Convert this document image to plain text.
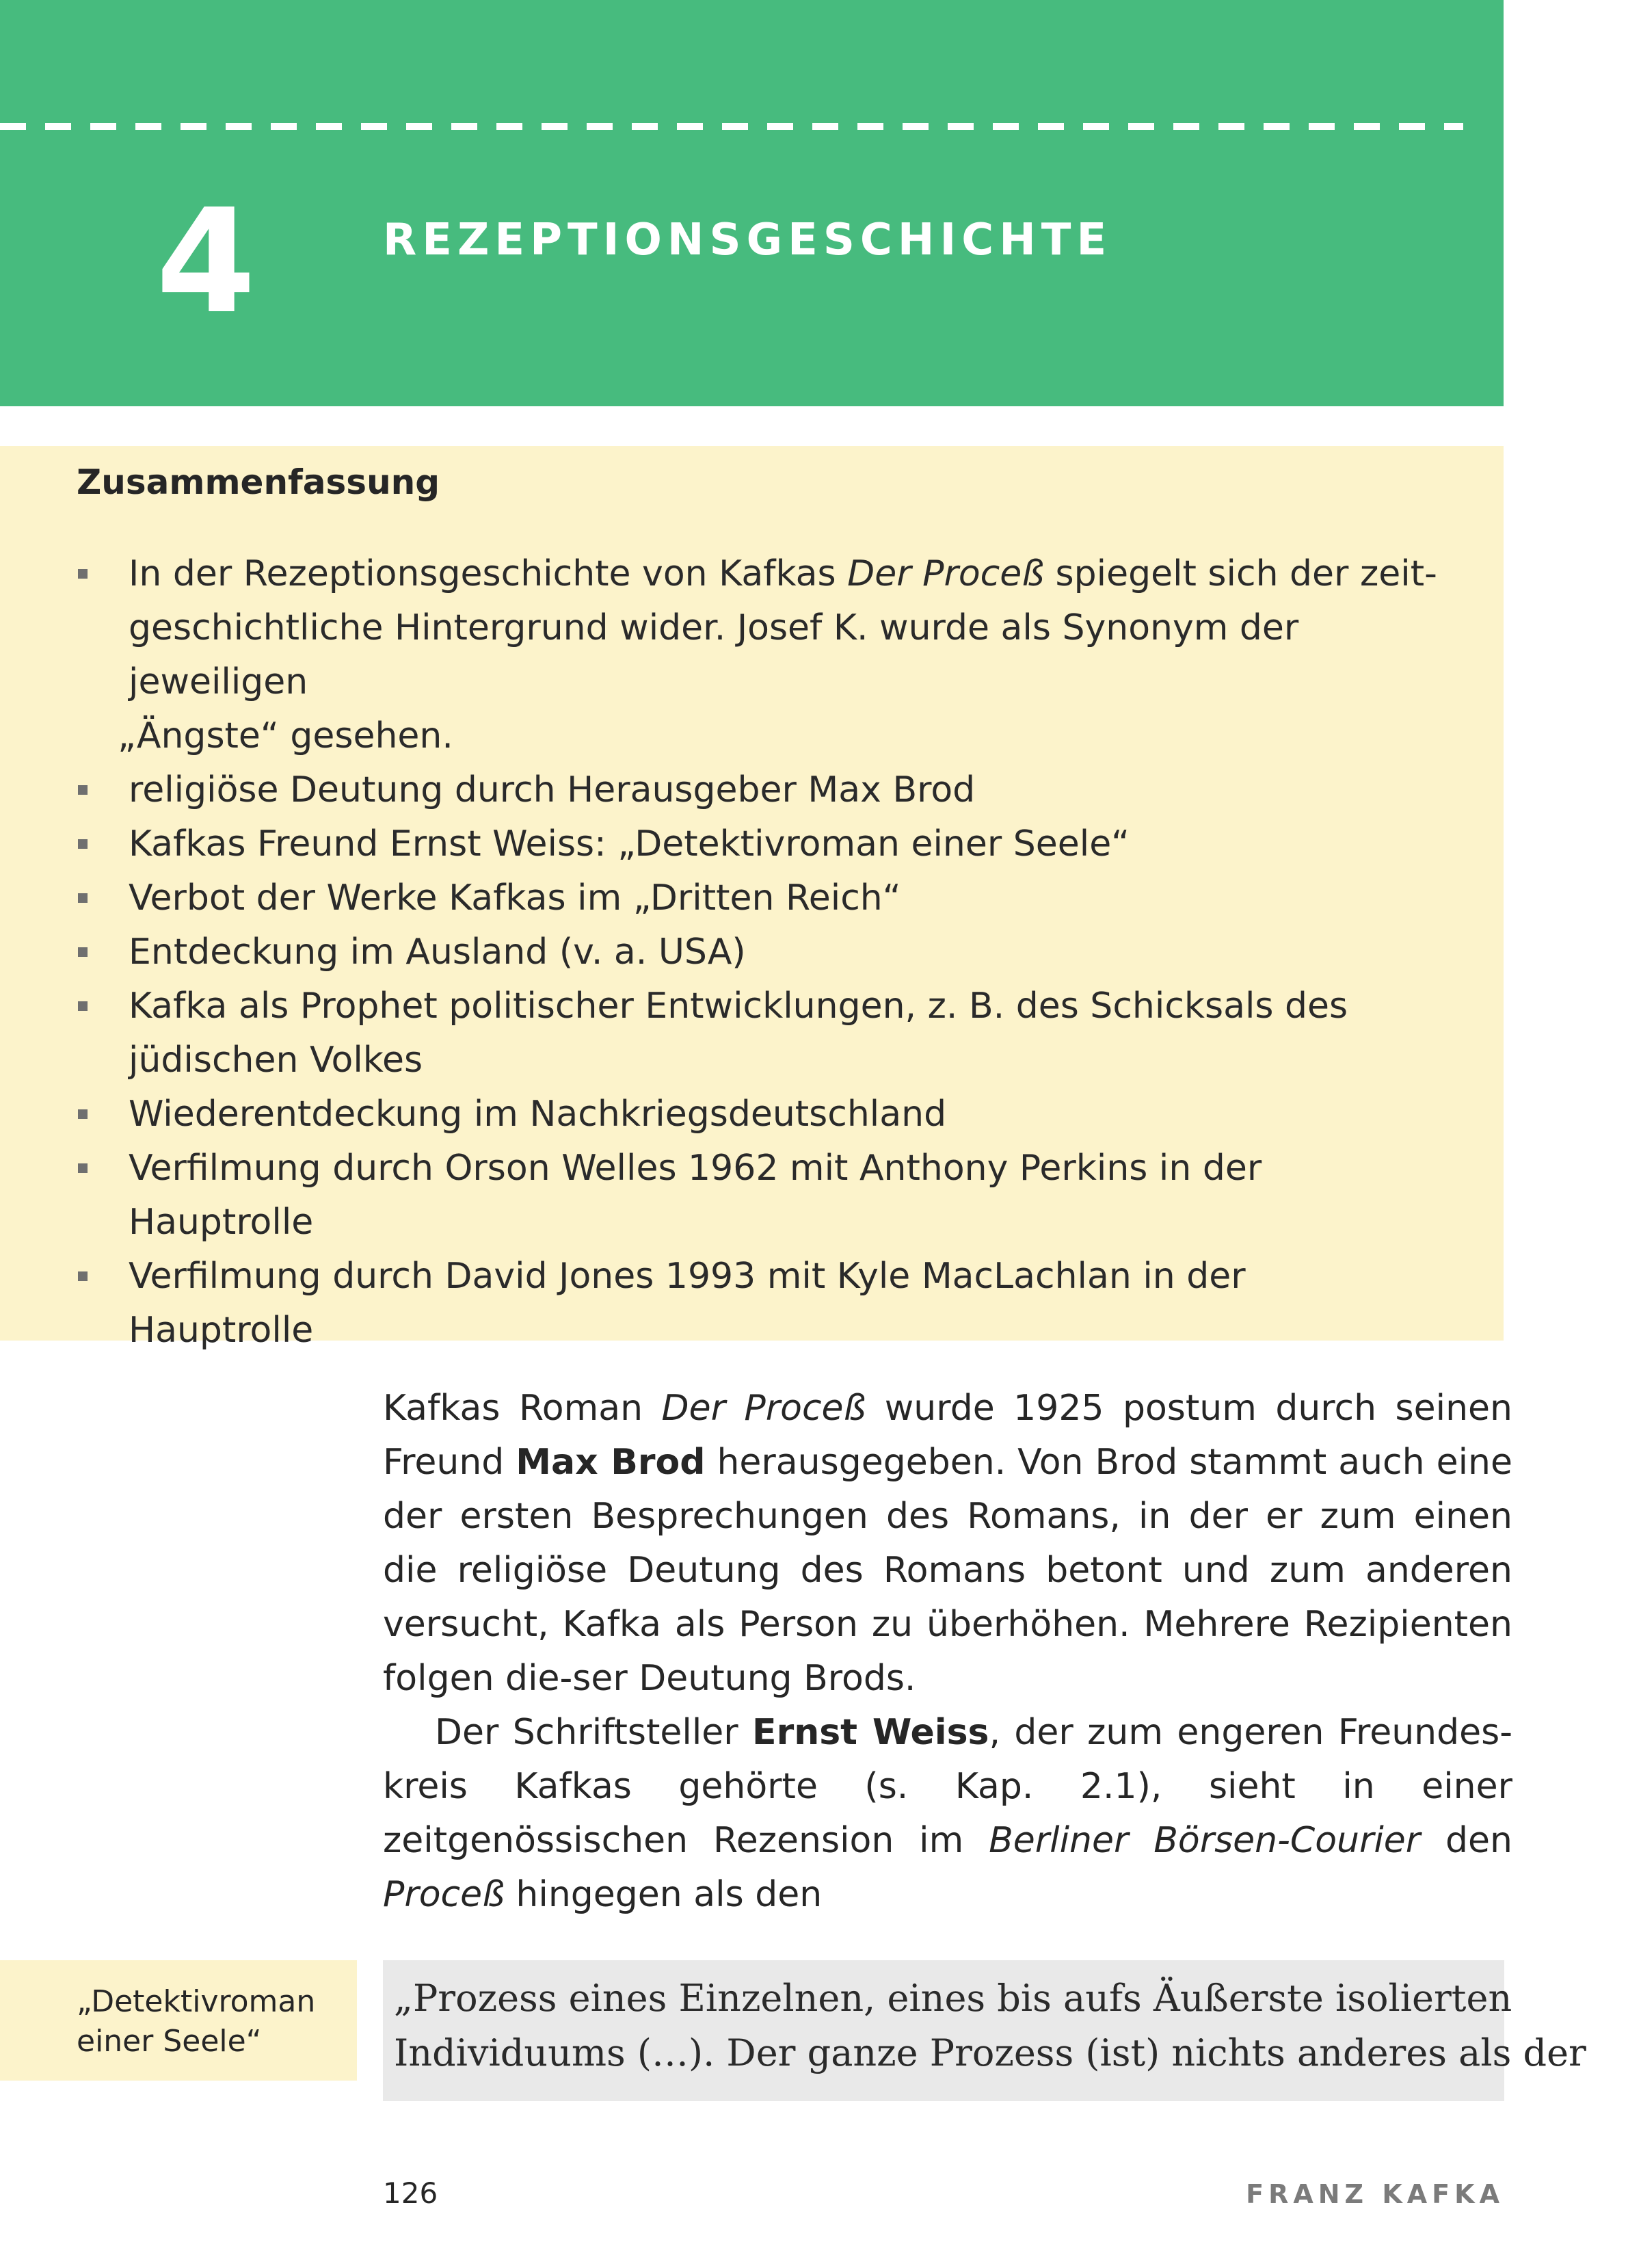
4	REZEPTIONSGESCHICHTE
Zusammenfassung
In der Rezeptionsgeschichte von Kafkas Der Proceß spiegelt sich der zeit-
geschichtliche Hintergrund wider. Josef K. wurde als Synonym der jeweiligen
„Ängste“ gesehen.
religiöse Deutung durch Herausgeber Max Brod
Kafkas Freund Ernst Weiss: „Detektivroman einer Seele“
Verbot der Werke Kafkas im „Dritten Reich“
Entdeckung im Ausland (v. a. USA)
Kafka als Prophet politischer Entwicklungen, z. B. des Schicksals des
jüdischen Volkes
Wiederentdeckung im Nachkriegsdeutschland
Verfilmung durch Orson Welles 1962 mit Anthony Perkins in der
Hauptrolle
Verfilmung durch David Jones 1993 mit Kyle MacLachlan in der
Hauptrolle

Kafkas Roman Der Proceß wurde 1925 postum durch seinen Freund Max Brod herausgegeben. Von Brod stammt auch eine der ersten Besprechungen des Romans, in der er zum einen die religiöse Deutung des Romans betont und zum anderen versucht, Kafka als Person zu überhöhen. Mehrere Rezipienten folgen die-ser Deutung Brods.

Der Schriftsteller Ernst Weiss, der zum engeren Freundes-kreis Kafkas gehörte (s. Kap. 2.1), sieht in einer zeitgenössischen Rezension im Berliner Börsen-Courier den Proceß hingegen als den

„Detektivroman
einer Seele“
„Prozess eines Einzelnen, eines bis aufs Äußerste isolierten
Individuums (…). Der ganze Prozess (ist) nichts anderes als der
126	FRANZ KAFKA
